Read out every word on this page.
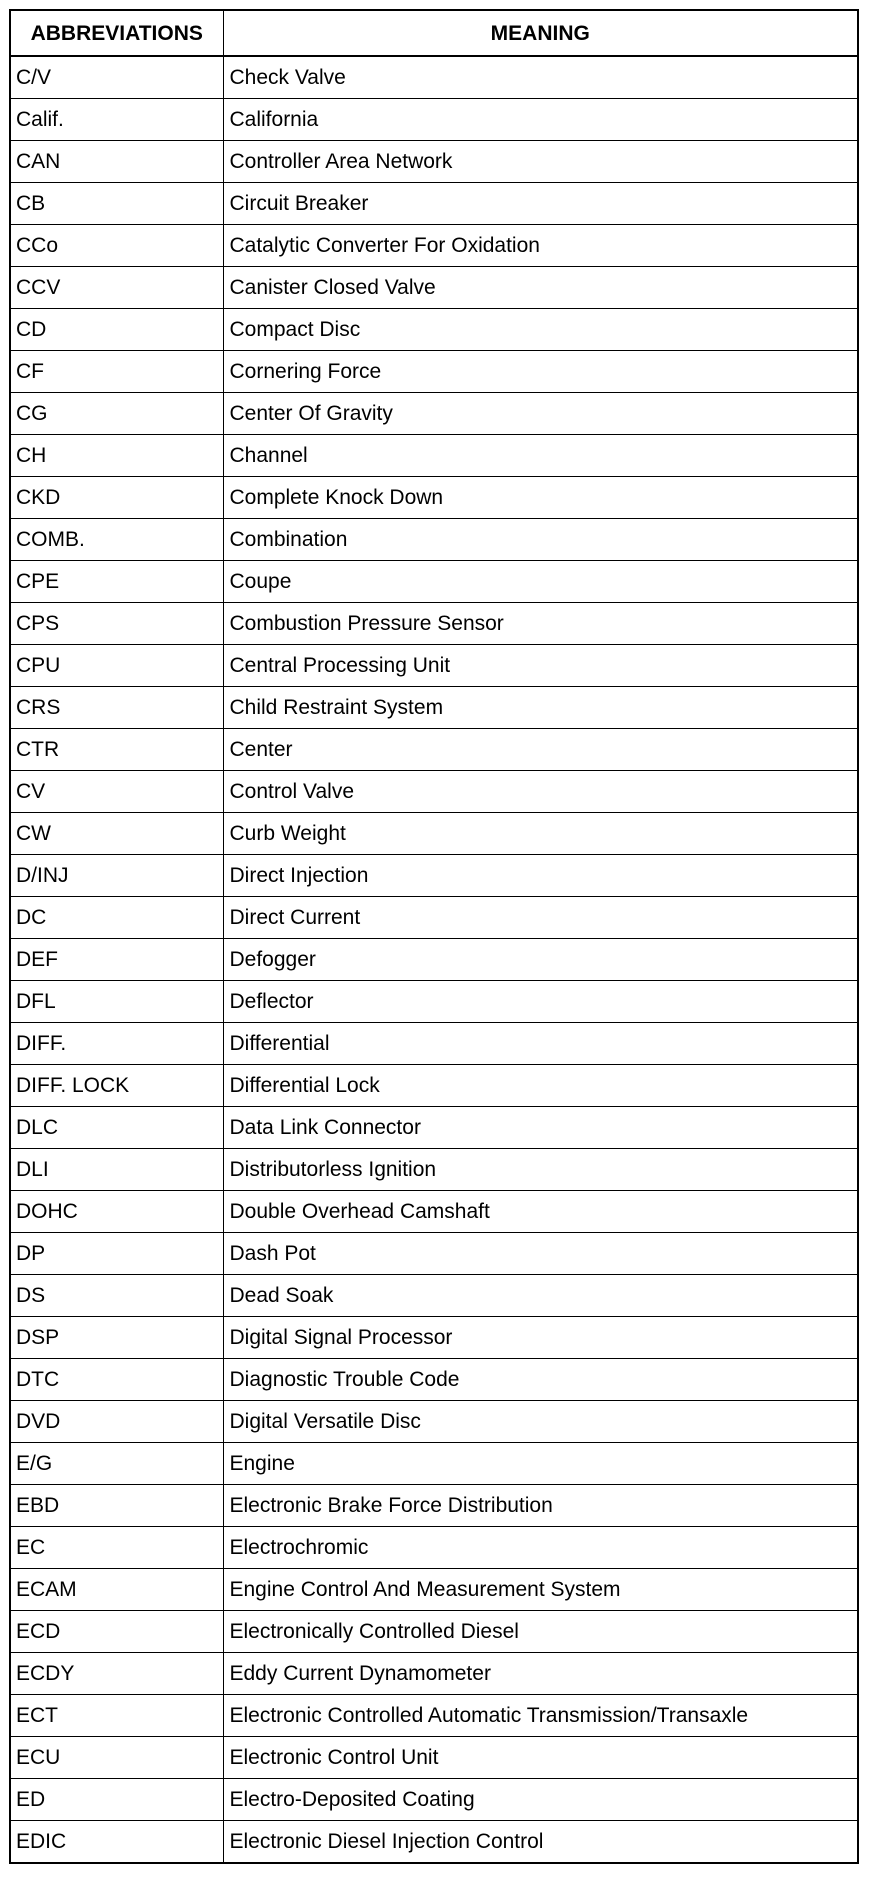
ABBREVIATIONS	MEANING
C/V	Check Valve
Calif.	California
CAN	Controller Area Network
CB	Circuit Breaker
CCo	Catalytic Converter For Oxidation
CCV	Canister Closed Valve
CD	Compact Disc
CF	Cornering Force
CG	Center Of Gravity
CH	Channel
CKD	Complete Knock Down
COMB.	Combination
CPE	Coupe
CPS	Combustion Pressure Sensor
CPU	Central Processing Unit
CRS	Child Restraint System
CTR	Center
CV	Control Valve
CW	Curb Weight
D/INJ	Direct Injection
DC	Direct Current
DEF	Defogger
DFL	Deflector
DIFF.	Differential
DIFF. LOCK	Differential Lock
DLC	Data Link Connector
DLI	Distributorless Ignition
DOHC	Double Overhead Camshaft
DP	Dash Pot
DS	Dead Soak
DSP	Digital Signal Processor
DTC	Diagnostic Trouble Code
DVD	Digital Versatile Disc
E/G	Engine
EBD	Electronic Brake Force Distribution
EC	Electrochromic
ECAM	Engine Control And Measurement System
ECD	Electronically Controlled Diesel
ECDY	Eddy Current Dynamometer
ECT	Electronic Controlled Automatic Transmission/Transaxle
ECU	Electronic Control Unit
ED	Electro-Deposited Coating
EDIC	Electronic Diesel Injection Control
